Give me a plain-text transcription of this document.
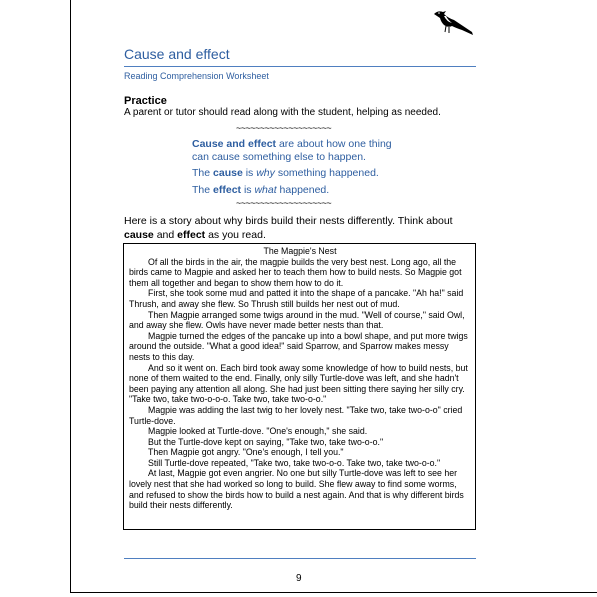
Cause and effect
Reading Comprehension Worksheet
Practice
A parent or tutor should read along with the student, helping as needed.
~~~~~~~~~~~~~~~~~~~~
Cause and effect are about how one thing
can cause something else to happen.
The cause is why something happened.
The effect is what happened.
~~~~~~~~~~~~~~~~~~~~
Here is a story about why birds build their nests differently. Think about cause and effect as you read.
The Magpie's Nest

Of all the birds in the air, the magpie builds the very best nest. Long ago, all the birds came to Magpie and asked her to teach them how to build nests. So Magpie got them all together and began to show them how to do it.

First, she took some mud and patted it into the shape of a pancake. "Ah ha!" said Thrush, and away she flew. So Thrush still builds her nest out of mud.

Then Magpie arranged some twigs around in the mud. "Well of course," said Owl, and away she flew. Owls have never made better nests than that.

Magpie turned the edges of the pancake up into a bowl shape, and put more twigs around the outside. "What a good idea!" said Sparrow, and Sparrow makes messy nests to this day.

And so it went on. Each bird took away some knowledge of how to build nests, but none of them waited to the end. Finally, only silly Turtle-dove was left, and she hadn't been paying any attention all along. She had just been sitting there saying her silly cry. "Take two, take two-o-o-o. Take two, take two-o-o."

Magpie was adding the last twig to her lovely nest. "Take two, take two-o-o" cried Turtle-dove.

Magpie looked at Turtle-dove. "One's enough," she said.

But the Turtle-dove kept on saying, "Take two, take two-o-o."

Then Magpie got angry. "One's enough, I tell you."

Still Turtle-dove repeated, "Take two, take two-o-o. Take two, take two-o-o."

At last, Magpie got even angrier. No one but silly Turtle-dove was left to see her lovely nest that she had worked so long to build. She flew away to find some worms, and refused to show the birds how to build a nest again. And that is why different birds build their nests differently.

9
